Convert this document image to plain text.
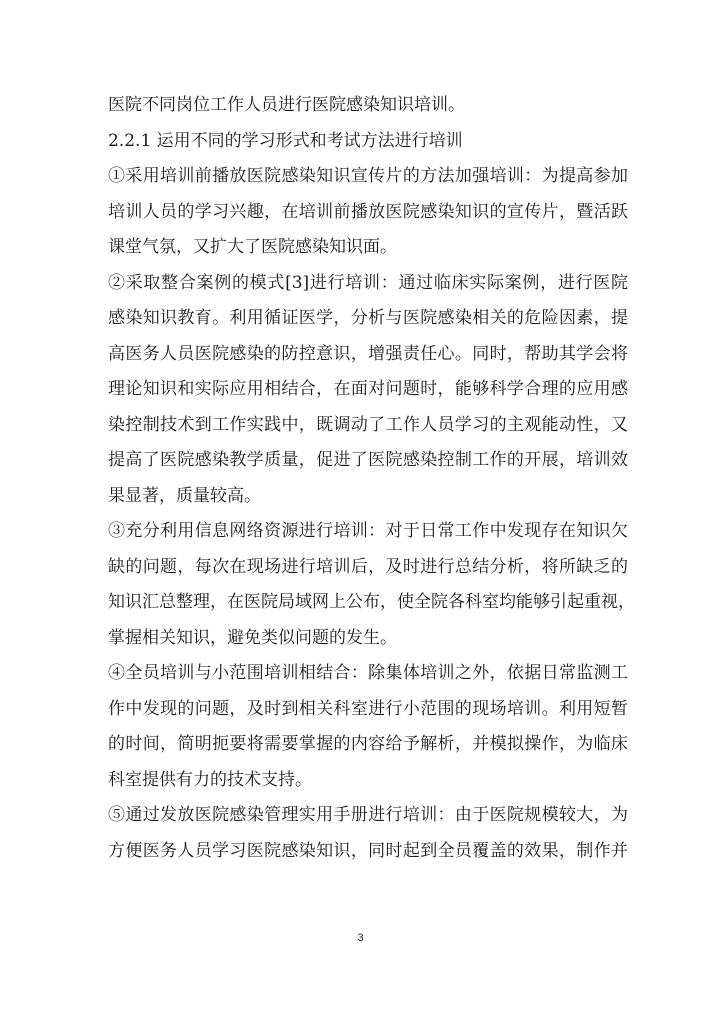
医院不同岗位工作人员进行医院感染知识培训。
2.2.1 运用不同的学习形式和考试方法进行培训
①采用培训前播放医院感染知识宣传片的方法加强培训：为提高参加
培训人员的学习兴趣，在培训前播放医院感染知识的宣传片，暨活跃
课堂气氛，又扩大了医院感染知识面。
②采取整合案例的模式[3]进行培训：通过临床实际案例，进行医院
感染知识教育。利用循证医学，分析与医院感染相关的危险因素，提
高医务人员医院感染的防控意识，增强责任心。同时，帮助其学会将
理论知识和实际应用相结合，在面对问题时，能够科学合理的应用感
染控制技术到工作实践中，既调动了工作人员学习的主观能动性，又
提高了医院感染教学质量，促进了医院感染控制工作的开展，培训效
果显著，质量较高。
③充分利用信息网络资源进行培训：对于日常工作中发现存在知识欠
缺的问题，每次在现场进行培训后，及时进行总结分析，将所缺乏的
知识汇总整理，在医院局域网上公布，使全院各科室均能够引起重视，
掌握相关知识，避免类似问题的发生。
④全员培训与小范围培训相结合：除集体培训之外，依据日常监测工
作中发现的问题，及时到相关科室进行小范围的现场培训。利用短暂
的时间，简明扼要将需要掌握的内容给予解析，并模拟操作，为临床
科室提供有力的技术支持。
⑤通过发放医院感染管理实用手册进行培训：由于医院规模较大，为
方便医务人员学习医院感染知识，同时起到全员覆盖的效果，制作并
3
